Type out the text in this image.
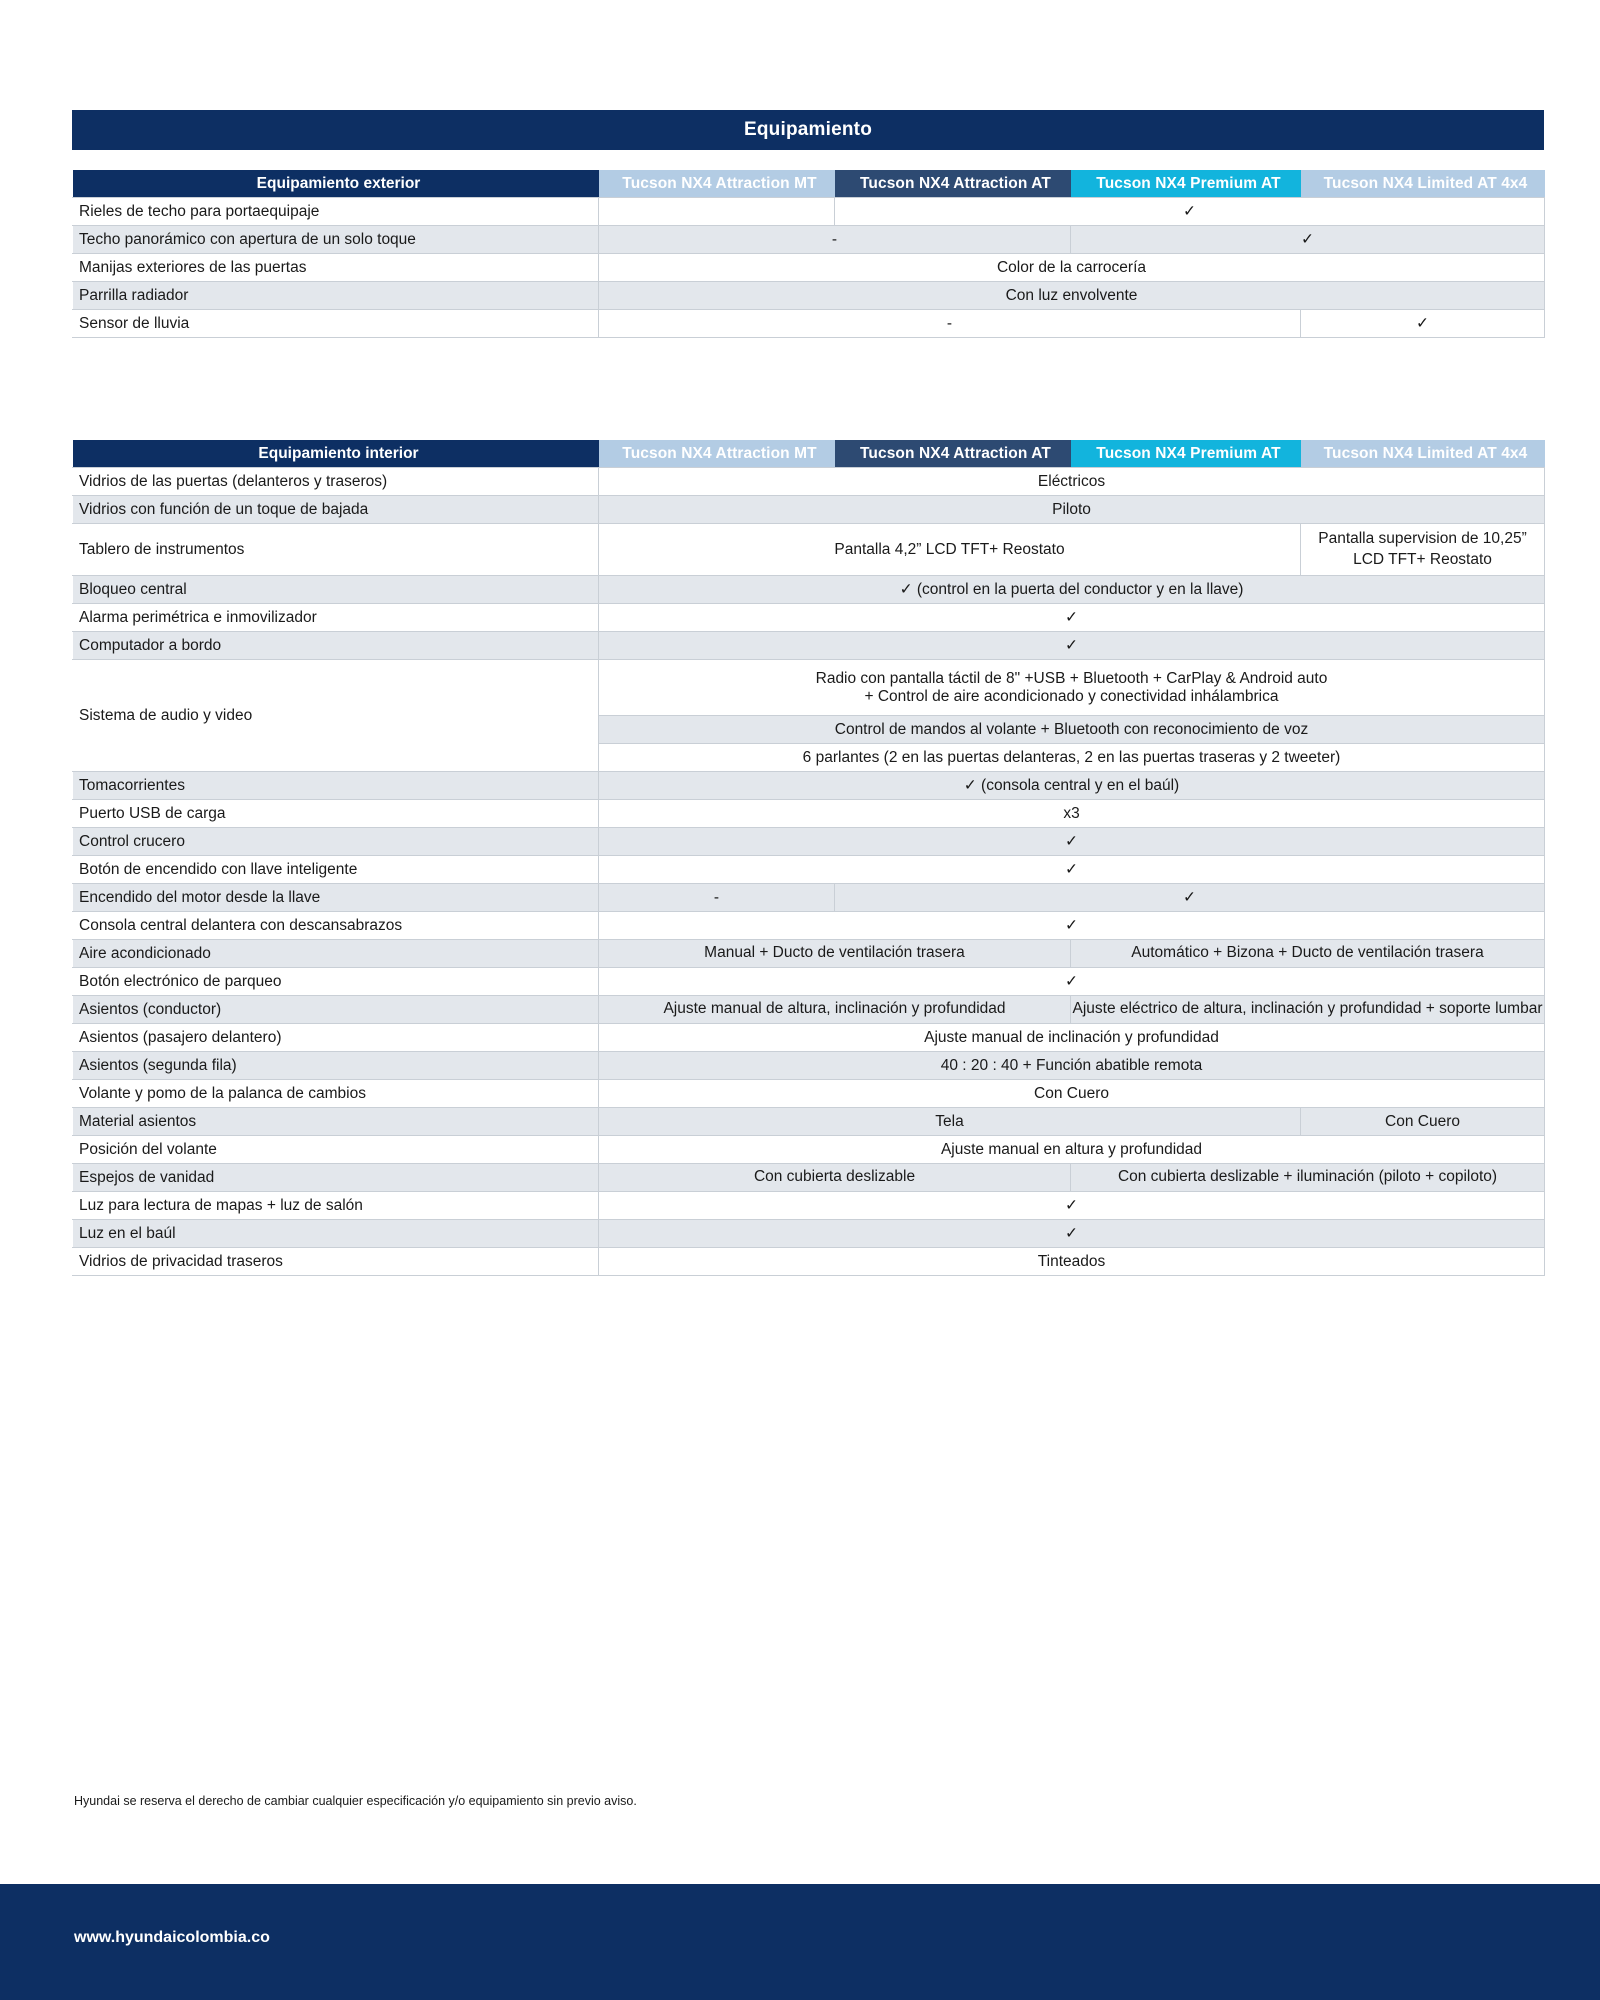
Equipamiento
Equipamiento exterior	Tucson NX4 Attraction MT	Tucson NX4 Attraction AT	Tucson NX4 Premium AT	Tucson NX4 Limited AT 4x4
Rieles de techo para portaequipaje		✓		
Techo panorámico con apertura de un solo toque	-		✓	
Manijas exteriores de las puertas	Color de la carrocería			
Parrilla radiador	Con luz envolvente			
Sensor de lluvia	-			✓
Equipamiento interior	Tucson NX4 Attraction MT	Tucson NX4 Attraction AT	Tucson NX4 Premium AT	Tucson NX4 Limited AT 4x4
Vidrios de las puertas (delanteros y traseros)	Eléctricos			
Vidrios con función de un toque de bajada	Piloto			
Tablero de instrumentos	Pantalla 4,2” LCD TFT+ Reostato			Pantalla supervision de 10,25”
LCD TFT+ Reostato
Bloqueo central	✓ (control en la puerta del conductor y en la llave)			
Alarma perimétrica e inmovilizador	✓			
Computador a bordo	✓			
Sistema de audio y video	Radio con pantalla táctil de 8" +USB + Bluetooth + CarPlay & Android auto
+ Control de aire acondicionado y conectividad inhálambrica			
	Control de mandos al volante + Bluetooth con reconocimiento de voz			
	6 parlantes (2 en las puertas delanteras, 2 en las puertas traseras y 2 tweeter)			
Tomacorrientes	✓ (consola central y en el baúl)			
Puerto USB de carga	x3			
Control crucero	✓			
Botón de encendido con llave inteligente	✓			
Encendido del motor desde la llave	-	✓		
Consola central delantera con descansabrazos	✓			
Aire acondicionado	Manual + Ducto de ventilación trasera		Automático + Bizona + Ducto de ventilación trasera	
Botón electrónico de parqueo	✓			
Asientos (conductor)	Ajuste manual de altura, inclinación y profundidad		Ajuste eléctrico de altura, inclinación y profundidad + soporte lumbar	
Asientos (pasajero delantero)	Ajuste manual de inclinación y profundidad			
Asientos (segunda fila)	40 : 20 : 40 + Función abatible remota			
Volante y pomo de la palanca de cambios	Con Cuero			
Material asientos	Tela			Con Cuero
Posición del volante	Ajuste manual en altura y profundidad			
Espejos de vanidad	Con cubierta deslizable		Con cubierta deslizable + iluminación (piloto + copiloto)	
Luz para lectura de mapas + luz de salón	✓			
Luz en el baúl	✓			
Vidrios de privacidad traseros	Tinteados			
Hyundai se reserva el derecho de cambiar cualquier especificación y/o equipamiento sin previo aviso.
www.hyundaicolombia.co
